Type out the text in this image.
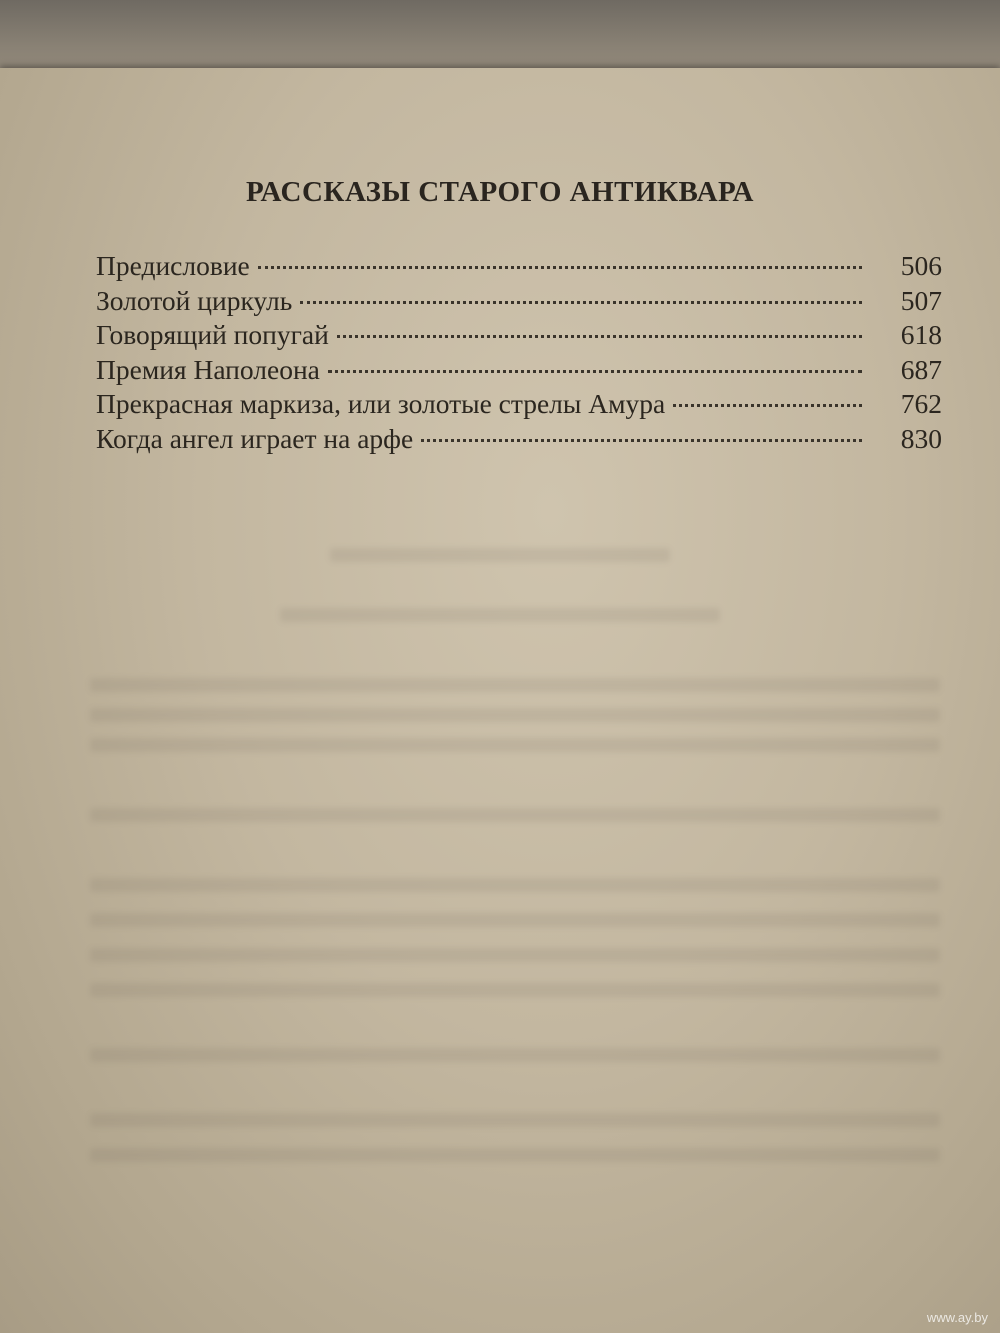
РАССКАЗЫ СТАРОГО АНТИКВАРА
Предисловие	506
Золотой циркуль	507
Говорящий попугай	618
Премия Наполеона	687
Прекрасная маркиза, или золотые стрелы Амура	762
Когда ангел играет на арфе	830
www.ay.by
